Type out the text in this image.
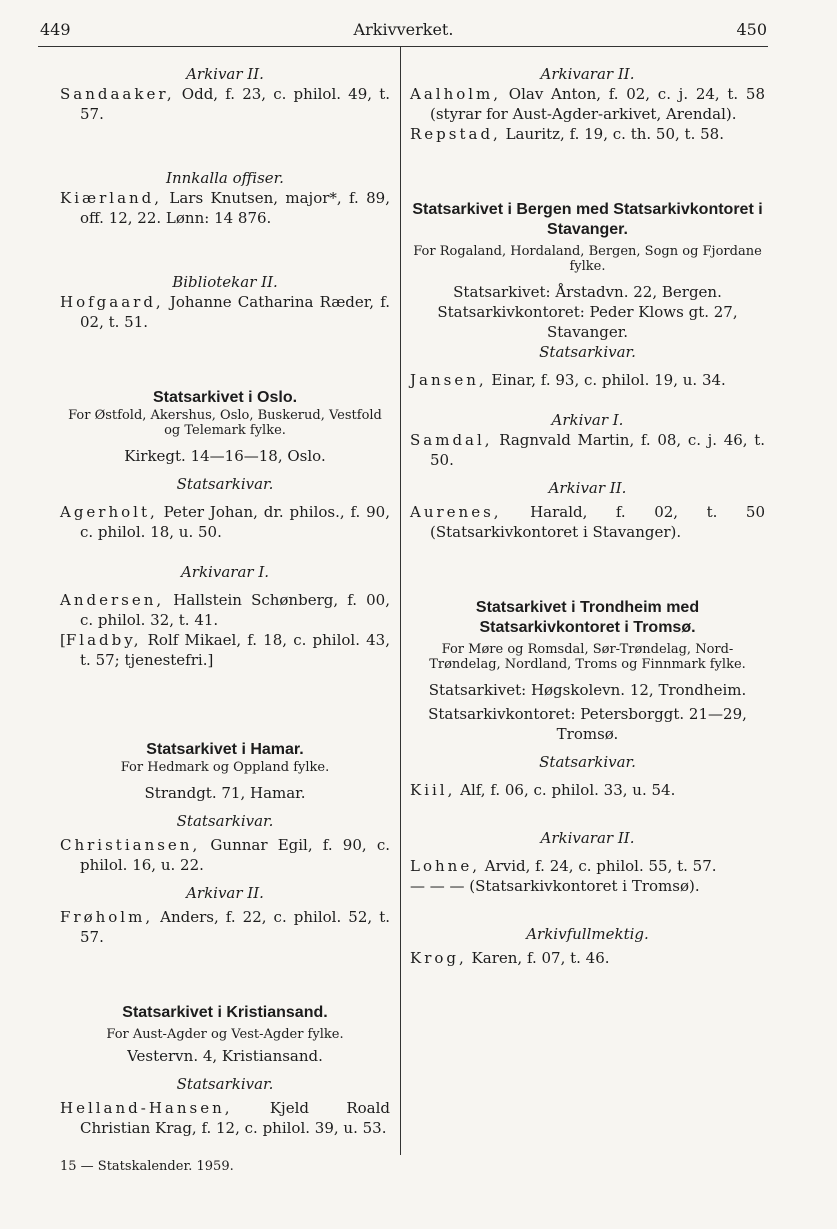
449	Arkivverket.	450

Arkivar II.

Sandaaker, Odd, f. 23, c. philol. 49, t. 57.

Innkalla offiser.

Kiærland, Lars Knutsen, major*, f. 89, off. 12, 22. Lønn: 14 876.

Bibliotekar II.

Hofgaard, Johanne Catharina Ræder, f. 02, t. 51.

Statsarkivet i Oslo.

For Østfold, Akershus, Oslo, Buskerud, Vestfold og Telemark fylke.

Kirkegt. 14—16—18, Oslo.

Statsarkivar.

Agerholt, Peter Johan, dr. philos., f. 90, c. philol. 18, u. 50.

Arkivarar I.

Andersen, Hallstein Schønberg, f. 00, c. philol. 32, t. 41.

[Fladby, Rolf Mikael, f. 18, c. philol. 43, t. 57; tjenestefri.]

Statsarkivet i Hamar.

For Hedmark og Oppland fylke.

Strandgt. 71, Hamar.

Statsarkivar.

Christiansen, Gunnar Egil, f. 90, c. philol. 16, u. 22.

Arkivar II.

Frøholm, Anders, f. 22, c. philol. 52, t. 57.

Statsarkivet i Kristiansand.

For Aust-Agder og Vest-Agder fylke.

Vestervn. 4, Kristiansand.

Statsarkivar.

Helland-Hansen, Kjeld Roald Christian Krag, f. 12, c. philol. 39, u. 53.

Arkivarar II.

Aalholm, Olav Anton, f. 02, c. j. 24, t. 58 (styrar for Aust-Agder-arkivet, Arendal).

Repstad, Lauritz, f. 19, c. th. 50, t. 58.

Statsarkivet i Bergen med Statsarkivkontoret i Stavanger.

For Rogaland, Hordaland, Bergen, Sogn og Fjordane fylke.

Statsarkivet: Årstadvn. 22, Bergen.

Statsarkivkontoret: Peder Klows gt. 27, Stavanger.

Statsarkivar.

Jansen, Einar, f. 93, c. philol. 19, u. 34.

Arkivar I.

Samdal, Ragnvald Martin, f. 08, c. j. 46, t. 50.

Arkivar II.

Aurenes, Harald, f. 02, t. 50 (Statsarkivkontoret i Stavanger).

Statsarkivet i Trondheim med Statsarkivkontoret i Tromsø.

For Møre og Romsdal, Sør-Trøndelag, Nord-Trøndelag, Nordland, Troms og Finnmark fylke.

Statsarkivet: Høgskolevn. 12, Trondheim.

Statsarkivkontoret: Petersborggt. 21—29, Tromsø.

Statsarkivar.

Kiil, Alf, f. 06, c. philol. 33, u. 54.

Arkivarar II.

Lohne, Arvid, f. 24, c. philol. 55, t. 57.

— — — (Statsarkivkontoret i Tromsø).

Arkivfullmektig.

Krog, Karen, f. 07, t. 46.

15 — Statskalender. 1959.
